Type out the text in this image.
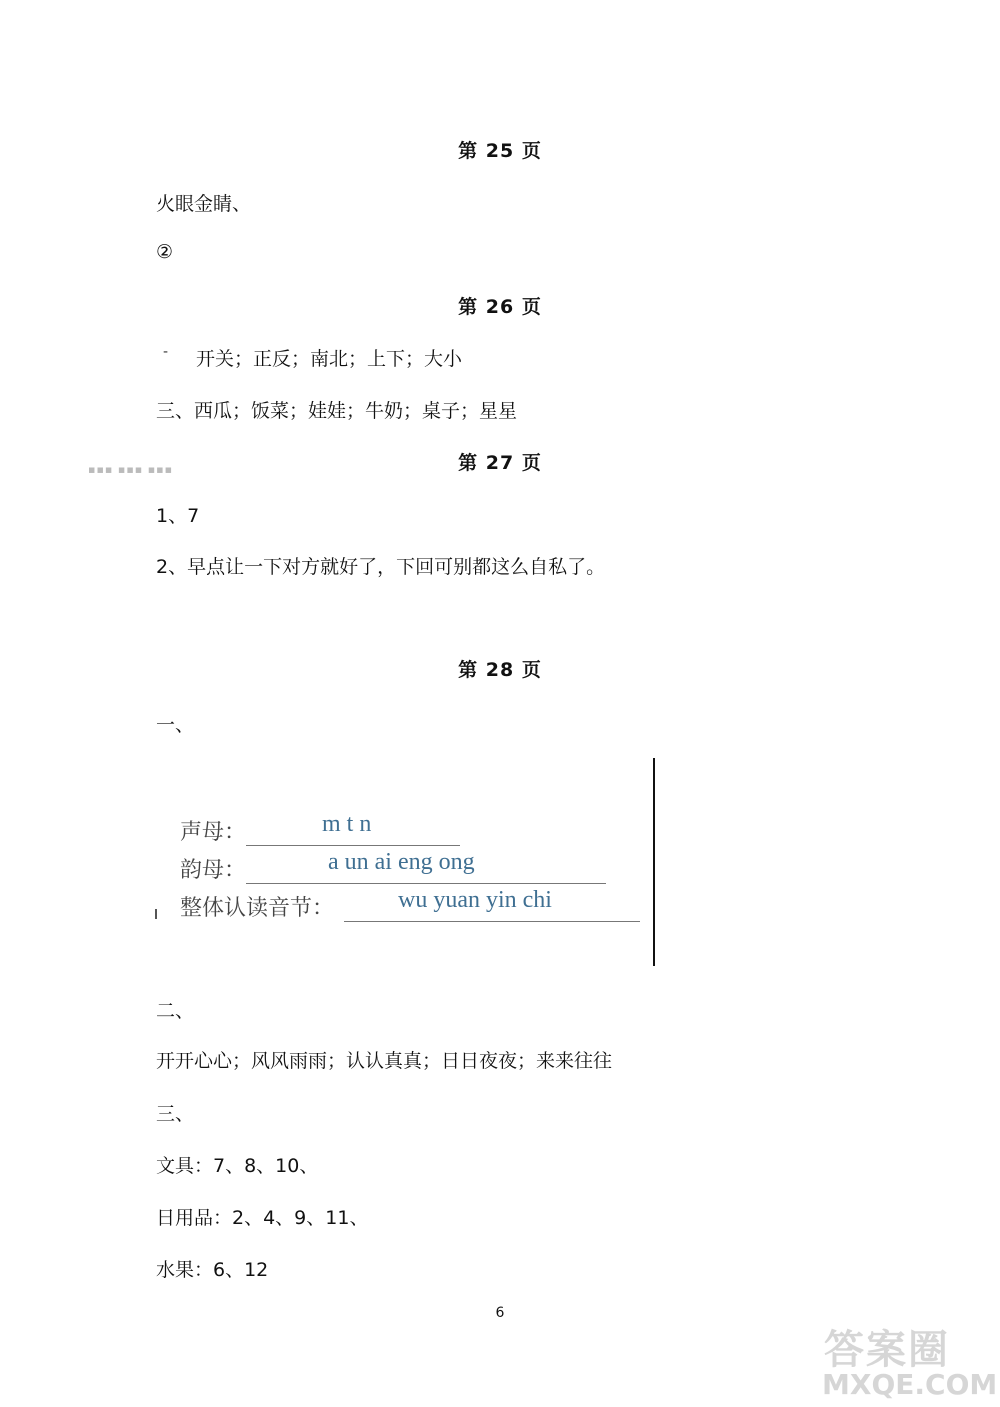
第 25 页
火眼金睛、
②
第 26 页
- 开关；正反；南北；上下；大小
三、西瓜；饭菜；娃娃；牛奶；桌子；星星
▪▪▪ ▪▪▪ ▪▪▪	第 27 页
1、7
2、早点让一下对方就好了，下回可别都这么自私了。
第 28 页
一、
声母：	m t n
韵母：	a un ai eng ong
整体认读音节：	wu yuan yin chi
二、
开开心心；风风雨雨；认认真真；日日夜夜；来来往往
三、
文具：7、8、10、
日用品：2、4、9、11、
水果：6、12
6
答案圈
MXQE.COM
